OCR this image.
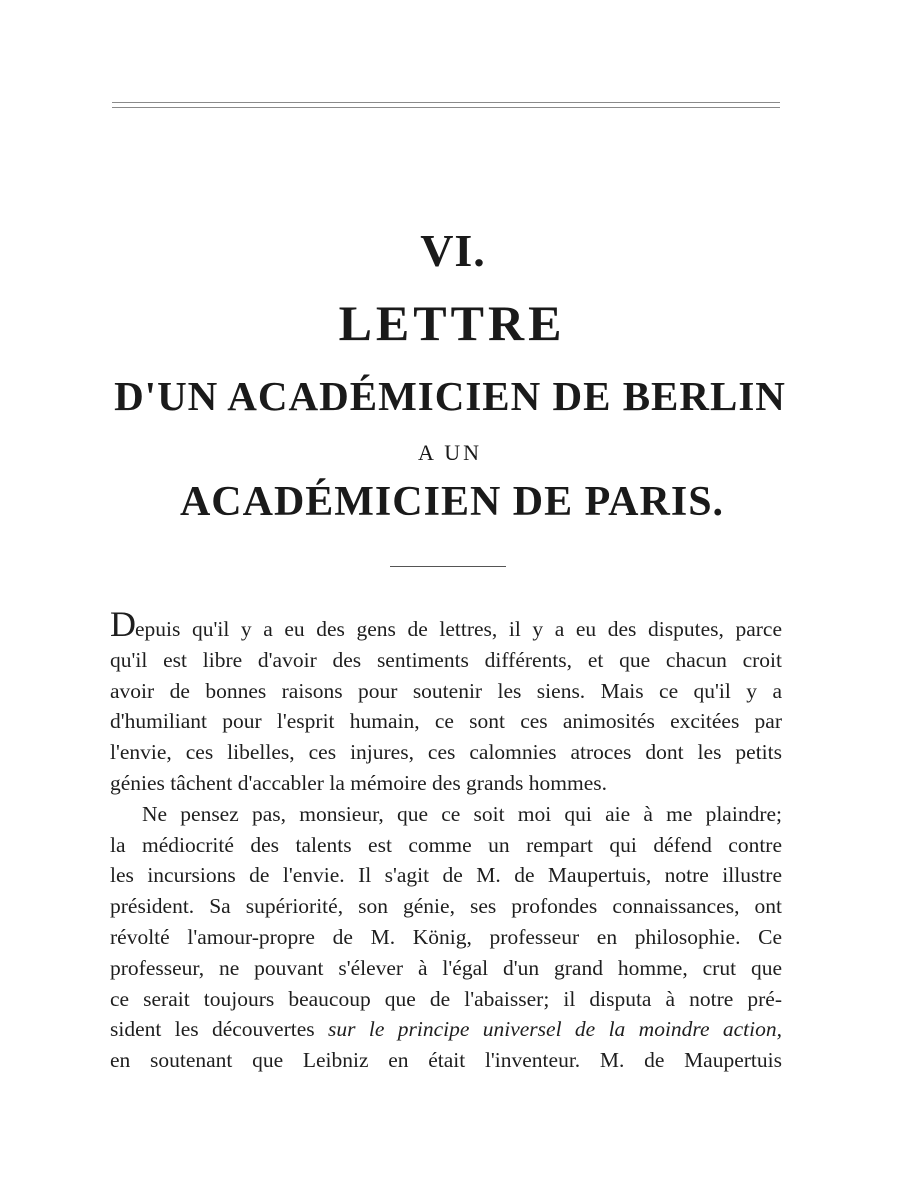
VI.
LETTRE
D'UN ACADÉMICIEN DE BERLIN
A UN
ACADÉMICIEN DE PARIS.
Depuis qu'il y a eu des gens de lettres, il y a eu des disputes, parce
qu'il est libre d'avoir des sentiments différents, et que chacun croit
avoir de bonnes raisons pour soutenir les siens. Mais ce qu'il y a
d'humiliant pour l'esprit humain, ce sont ces animosités excitées par
l'envie, ces libelles, ces injures, ces calomnies atroces dont les petits
génies tâchent d'accabler la mémoire des grands hommes.
Ne pensez pas, monsieur, que ce soit moi qui aie à me plaindre;
la médiocrité des talents est comme un rempart qui défend contre
les incursions de l'envie. Il s'agit de M. de Maupertuis, notre illustre
président. Sa supériorité, son génie, ses profondes connaissances, ont
révolté l'amour-propre de M. König, professeur en philosophie. Ce
professeur, ne pouvant s'élever à l'égal d'un grand homme, crut que
ce serait toujours beaucoup que de l'abaisser; il disputa à notre pré-
sident les découvertes sur le principe universel de la moindre action,
en soutenant que Leibniz en était l'inventeur. M. de Maupertuis
